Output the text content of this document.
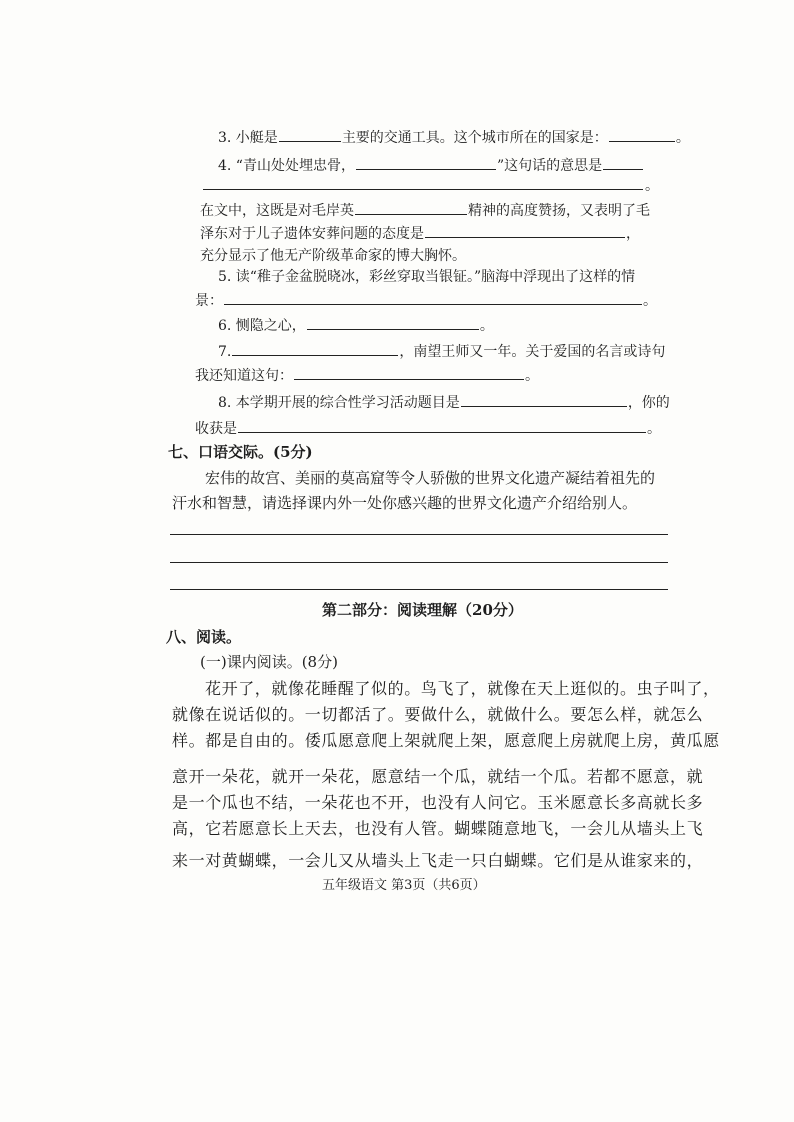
3. 小艇是	主要的交通工具。这个城市所在的国家是：	。
4. “青山处处埋忠骨，	”这句话的意思是
。
在文中，这既是对毛岸英	精神的高度赞扬，又表明了毛
泽东对于儿子遗体安葬问题的态度是	，
充分显示了他无产阶级革命家的博大胸怀。
5. 读“稚子金盆脱晓冰，彩丝穿取当银钲。”脑海中浮现出了这样的情
景：	。
6. 恻隐之心，	。
7.	，南望王师又一年。关于爱国的名言或诗句
我还知道这句：	。
8. 本学期开展的综合性学习活动题目是	，你的
收获是	。
七、口语交际。(5分)
宏伟的故宫、美丽的莫高窟等令人骄傲的世界文化遗产凝结着祖先的
汗水和智慧，请选择课内外一处你感兴趣的世界文化遗产介绍给别人。
第二部分：阅读理解（20分）
八、阅读。
(一)课内阅读。(8分)
花开了，就像花睡醒了似的。鸟飞了，就像在天上逛似的。虫子叫了，
就像在说话似的。一切都活了。要做什么，就做什么。要怎么样，就怎么
样。都是自由的。倭瓜愿意爬上架就爬上架，愿意爬上房就爬上房，黄瓜愿
意开一朵花，就开一朵花，愿意结一个瓜，就结一个瓜。若都不愿意，就
是一个瓜也不结，一朵花也不开，也没有人问它。玉米愿意长多高就长多
高，它若愿意长上天去，也没有人管。蝴蝶随意地飞，一会儿从墙头上飞
来一对黄蝴蝶，一会儿又从墙头上飞走一只白蝴蝶。它们是从谁家来的，
五年级语文 第3页（共6页）
